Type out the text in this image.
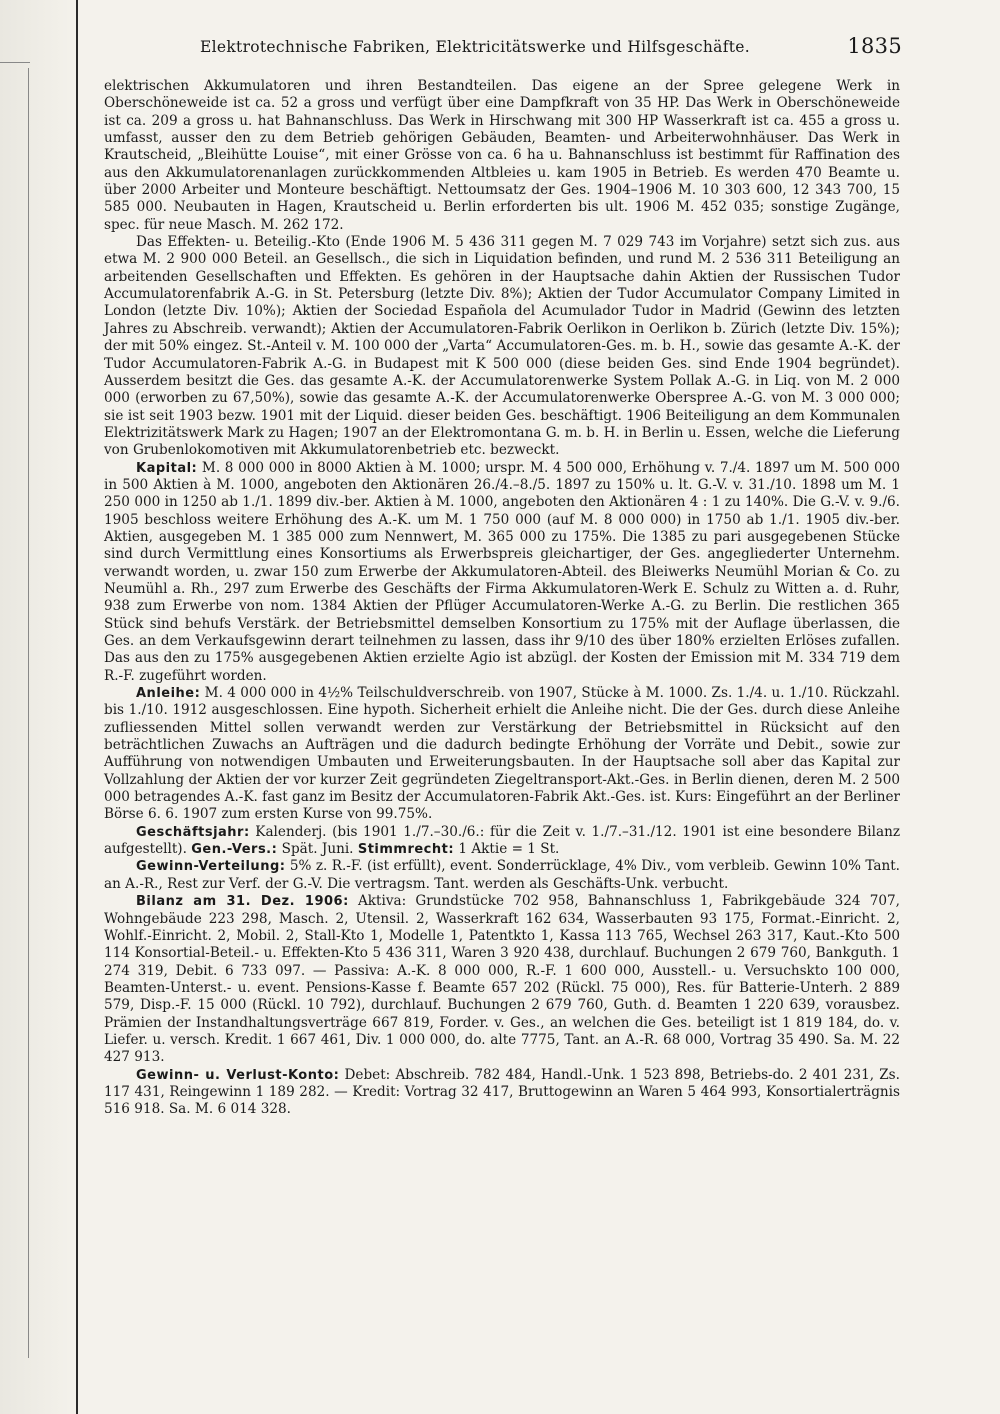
Elektrotechnische Fabriken, Elektricitätswerke und Hilfsgeschäfte.	1835

elektrischen Akkumulatoren und ihren Bestandteilen. Das eigene an der Spree gelegene Werk in Oberschöneweide ist ca. 52 a gross und verfügt über eine Dampfkraft von 35 HP. Das Werk in Oberschöneweide ist ca. 209 a gross u. hat Bahnanschluss. Das Werk in Hirschwang mit 300 HP Wasserkraft ist ca. 455 a gross u. umfasst, ausser den zu dem Betrieb gehörigen Gebäuden, Beamten- und Arbeiterwohnhäuser. Das Werk in Krautscheid, „Bleihütte Louise“, mit einer Grösse von ca. 6 ha u. Bahnanschluss ist bestimmt für Raffination des aus den Akkumulatorenanlagen zurückkommenden Altbleies u. kam 1905 in Betrieb. Es werden 470 Beamte u. über 2000 Arbeiter und Monteure beschäftigt. Nettoumsatz der Ges. 1904–1906 M. 10 303 600, 12 343 700, 15 585 000. Neubauten in Hagen, Krautscheid u. Berlin erforderten bis ult. 1906 M. 452 035; sonstige Zugänge, spec. für neue Masch. M. 262 172.

Das Effekten- u. Beteilig.-Kto (Ende 1906 M. 5 436 311 gegen M. 7 029 743 im Vorjahre) setzt sich zus. aus etwa M. 2 900 000 Beteil. an Gesellsch., die sich in Liquidation befinden, und rund M. 2 536 311 Beteiligung an arbeitenden Gesellschaften und Effekten. Es gehören in der Hauptsache dahin Aktien der Russischen Tudor Accumulatorenfabrik A.-G. in St. Petersburg (letzte Div. 8%); Aktien der Tudor Accumulator Company Limited in London (letzte Div. 10%); Aktien der Sociedad Española del Acumulador Tudor in Madrid (Gewinn des letzten Jahres zu Abschreib. verwandt); Aktien der Accumulatoren-Fabrik Oerlikon in Oerlikon b. Zürich (letzte Div. 15%); der mit 50% eingez. St.-Anteil v. M. 100 000 der „Varta“ Accumulatoren-Ges. m. b. H., sowie das gesamte A.-K. der Tudor Accumulatoren-Fabrik A.-G. in Budapest mit K 500 000 (diese beiden Ges. sind Ende 1904 begründet). Ausserdem besitzt die Ges. das gesamte A.-K. der Accumulatorenwerke System Pollak A.-G. in Liq. von M. 2 000 000 (erworben zu 67,50%), sowie das gesamte A.-K. der Accumulatorenwerke Oberspree A.-G. von M. 3 000 000; sie ist seit 1903 bezw. 1901 mit der Liquid. dieser beiden Ges. beschäftigt. 1906 Beiteiligung an dem Kommunalen Elektrizitätswerk Mark zu Hagen; 1907 an der Elektromontana G. m. b. H. in Berlin u. Essen, welche die Lieferung von Grubenlokomotiven mit Akkumulatorenbetrieb etc. bezweckt.

Kapital: M. 8 000 000 in 8000 Aktien à M. 1000; urspr. M. 4 500 000, Erhöhung v. 7./4. 1897 um M. 500 000 in 500 Aktien à M. 1000, angeboten den Aktionären 26./4.–8./5. 1897 zu 150% u. lt. G.-V. v. 31./10. 1898 um M. 1 250 000 in 1250 ab 1./1. 1899 div.-ber. Aktien à M. 1000, angeboten den Aktionären 4 : 1 zu 140%. Die G.-V. v. 9./6. 1905 beschloss weitere Erhöhung des A.-K. um M. 1 750 000 (auf M. 8 000 000) in 1750 ab 1./1. 1905 div.-ber. Aktien, ausgegeben M. 1 385 000 zum Nennwert, M. 365 000 zu 175%. Die 1385 zu pari ausgegebenen Stücke sind durch Vermittlung eines Konsortiums als Erwerbspreis gleichartiger, der Ges. angegliederter Unternehm. verwandt worden, u. zwar 150 zum Erwerbe der Akkumulatoren-Abteil. des Bleiwerks Neumühl Morian & Co. zu Neumühl a. Rh., 297 zum Erwerbe des Geschäfts der Firma Akkumulatoren-Werk E. Schulz zu Witten a. d. Ruhr, 938 zum Erwerbe von nom. 1384 Aktien der Pflüger Accumulatoren-Werke A.-G. zu Berlin. Die restlichen 365 Stück sind behufs Verstärk. der Betriebsmittel demselben Konsortium zu 175% mit der Auflage überlassen, die Ges. an dem Verkaufsgewinn derart teilnehmen zu lassen, dass ihr 9/10 des über 180% erzielten Erlöses zufallen. Das aus den zu 175% ausgegebenen Aktien erzielte Agio ist abzügl. der Kosten der Emission mit M. 334 719 dem R.-F. zugeführt worden.

Anleihe: M. 4 000 000 in 4½% Teilschuldverschreib. von 1907, Stücke à M. 1000. Zs. 1./4. u. 1./10. Rückzahl. bis 1./10. 1912 ausgeschlossen. Eine hypoth. Sicherheit erhielt die Anleihe nicht. Die der Ges. durch diese Anleihe zufliessenden Mittel sollen verwandt werden zur Verstärkung der Betriebsmittel in Rücksicht auf den beträchtlichen Zuwachs an Aufträgen und die dadurch bedingte Erhöhung der Vorräte und Debit., sowie zur Aufführung von notwendigen Umbauten und Erweiterungsbauten. In der Hauptsache soll aber das Kapital zur Vollzahlung der Aktien der vor kurzer Zeit gegründeten Ziegeltransport-Akt.-Ges. in Berlin dienen, deren M. 2 500 000 betragendes A.-K. fast ganz im Besitz der Accumulatoren-Fabrik Akt.-Ges. ist. Kurs: Eingeführt an der Berliner Börse 6. 6. 1907 zum ersten Kurse von 99.75%.

Geschäftsjahr: Kalenderj. (bis 1901 1./7.–30./6.: für die Zeit v. 1./7.–31./12. 1901 ist eine besondere Bilanz aufgestellt). Gen.-Vers.: Spät. Juni. Stimmrecht: 1 Aktie = 1 St.

Gewinn-Verteilung: 5% z. R.-F. (ist erfüllt), event. Sonderrücklage, 4% Div., vom verbleib. Gewinn 10% Tant. an A.-R., Rest zur Verf. der G.-V. Die vertragsm. Tant. werden als Geschäfts-Unk. verbucht.

Bilanz am 31. Dez. 1906: Aktiva: Grundstücke 702 958, Bahnanschluss 1, Fabrikgebäude 324 707, Wohngebäude 223 298, Masch. 2, Utensil. 2, Wasserkraft 162 634, Wasserbauten 93 175, Format.-Einricht. 2, Wohlf.-Einricht. 2, Mobil. 2, Stall-Kto 1, Modelle 1, Patentkto 1, Kassa 113 765, Wechsel 263 317, Kaut.-Kto 500 114 Konsortial-Beteil.- u. Effekten-Kto 5 436 311, Waren 3 920 438, durchlauf. Buchungen 2 679 760, Bankguth. 1 274 319, Debit. 6 733 097. — Passiva: A.-K. 8 000 000, R.-F. 1 600 000, Ausstell.- u. Versuchskto 100 000, Beamten-Unterst.- u. event. Pensions-Kasse f. Beamte 657 202 (Rückl. 75 000), Res. für Batterie-Unterh. 2 889 579, Disp.-F. 15 000 (Rückl. 10 792), durchlauf. Buchungen 2 679 760, Guth. d. Beamten 1 220 639, vorausbez. Prämien der Instandhaltungsverträge 667 819, Forder. v. Ges., an welchen die Ges. beteiligt ist 1 819 184, do. v. Liefer. u. versch. Kredit. 1 667 461, Div. 1 000 000, do. alte 7775, Tant. an A.-R. 68 000, Vortrag 35 490. Sa. M. 22 427 913.

Gewinn- u. Verlust-Konto: Debet: Abschreib. 782 484, Handl.-Unk. 1 523 898, Betriebs-do. 2 401 231, Zs. 117 431, Reingewinn 1 189 282. — Kredit: Vortrag 32 417, Bruttogewinn an Waren 5 464 993, Konsortialerträgnis 516 918. Sa. M. 6 014 328.
